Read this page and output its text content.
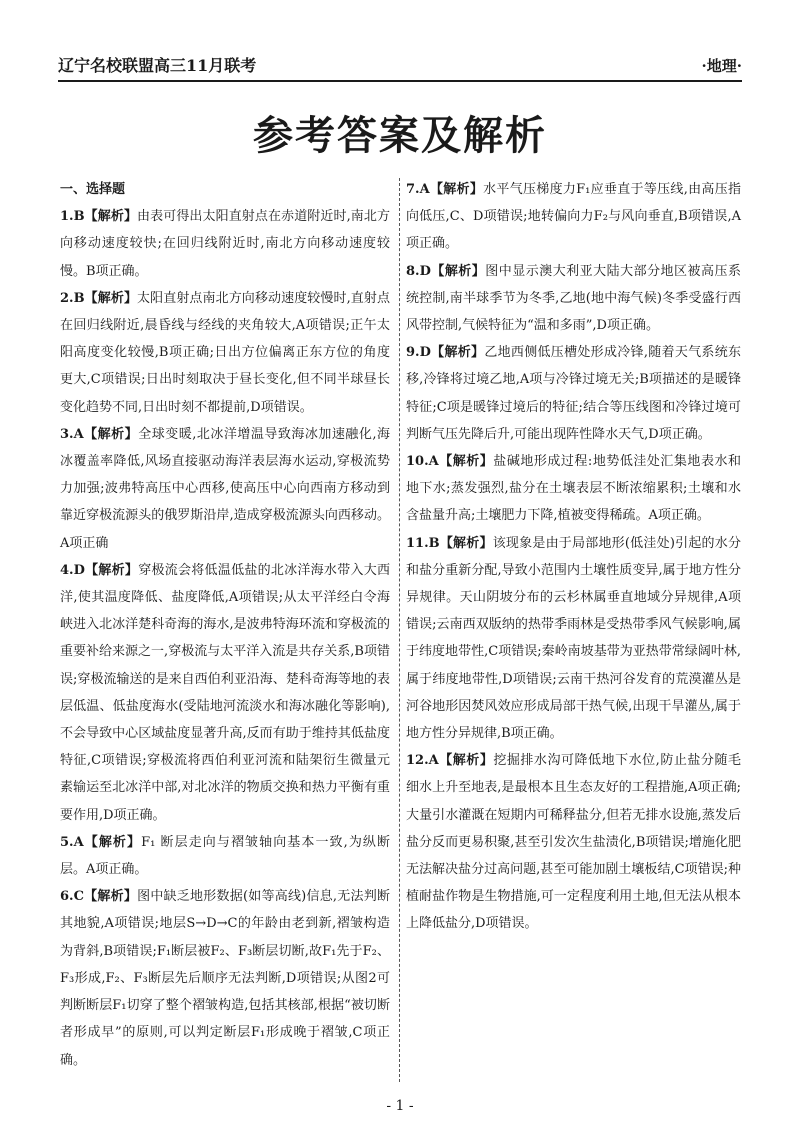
辽宁名校联盟高三11月联考	·地理·
参考答案及解析
一、选择题

1.B【解析】由表可得出太阳直射点在赤道附近时,南北方向移动速度较快;在回归线附近时,南北方向移动速度较慢。B项正确。

2.B【解析】太阳直射点南北方向移动速度较慢时,直射点在回归线附近,晨昏线与经线的夹角较大,A项错误;正午太阳高度变化较慢,B项正确;日出方位偏离正东方位的角度更大,C项错误;日出时刻取决于昼长变化,但不同半球昼长变化趋势不同,日出时刻不都提前,D项错误。

3.A【解析】全球变暖,北冰洋增温导致海冰加速融化,海冰覆盖率降低,风场直接驱动海洋表层海水运动,穿极流势力加强;波弗特高压中心西移,使高压中心向西南方移动到靠近穿极流源头的俄罗斯沿岸,造成穿极流源头向西移动。A项正确

4.D【解析】穿极流会将低温低盐的北冰洋海水带入大西洋,使其温度降低、盐度降低,A项错误;从太平洋经白令海峡进入北冰洋楚科奇海的海水,是波弗特海环流和穿极流的重要补给来源之一,穿极流与太平洋入流是共存关系,B项错误;穿极流输送的是来自西伯利亚沿海、楚科奇海等地的表层低温、低盐度海水(受陆地河流淡水和海冰融化等影响),不会导致中心区域盐度显著升高,反而有助于维持其低盐度特征,C项错误;穿极流将西伯利亚河流和陆架衍生微量元素输运至北冰洋中部,对北冰洋的物质交换和热力平衡有重要作用,D项正确。

5.A【解析】F₁ 断层走向与褶皱轴向基本一致,为纵断层。A项正确。

6.C【解析】图中缺乏地形数据(如等高线)信息,无法判断其地貌,A项错误;地层S→D→C的年龄由老到新,褶皱构造为背斜,B项错误;F₁断层被F₂、F₃断层切断,故F₁先于F₂、F₃形成,F₂、F₃断层先后顺序无法判断,D项错误;从图2可判断断层F₁切穿了整个褶皱构造,包括其核部,根据“被切断者形成早”的原则,可以判定断层F₁形成晚于褶皱,C项正确。

7.A【解析】水平气压梯度力F₁应垂直于等压线,由高压指向低压,C、D项错误;地转偏向力F₂与风向垂直,B项错误,A项正确。

8.D【解析】图中显示澳大利亚大陆大部分地区被高压系统控制,南半球季节为冬季,乙地(地中海气候)冬季受盛行西风带控制,气候特征为“温和多雨”,D项正确。

9.D【解析】乙地西侧低压槽处形成冷锋,随着天气系统东移,冷锋将过境乙地,A项与冷锋过境无关;B项描述的是暖锋特征;C项是暖锋过境后的特征;结合等压线图和冷锋过境可判断气压先降后升,可能出现阵性降水天气,D项正确。

10.A【解析】盐碱地形成过程:地势低洼处汇集地表水和地下水;蒸发强烈,盐分在土壤表层不断浓缩累积;土壤和水含盐量升高;土壤肥力下降,植被变得稀疏。A项正确。

11.B【解析】该现象是由于局部地形(低洼处)引起的水分和盐分重新分配,导致小范围内土壤性质变异,属于地方性分异规律。天山阴坡分布的云杉林属垂直地域分异规律,A项错误;云南西双版纳的热带季雨林是受热带季风气候影响,属于纬度地带性,C项错误;秦岭南坡基带为亚热带常绿阔叶林,属于纬度地带性,D项错误;云南干热河谷发育的荒漠灌丛是河谷地形因焚风效应形成局部干热气候,出现干旱灌丛,属于地方性分异规律,B项正确。

12.A【解析】挖掘排水沟可降低地下水位,防止盐分随毛细水上升至地表,是最根本且生态友好的工程措施,A项正确;大量引水灌溉在短期内可稀释盐分,但若无排水设施,蒸发后盐分反而更易积聚,甚至引发次生盐渍化,B项错误;增施化肥无法解决盐分过高问题,甚至可能加剧土壤板结,C项错误;种植耐盐作物是生物措施,可一定程度利用土地,但无法从根本上降低盐分,D项错误。

- 1 -
